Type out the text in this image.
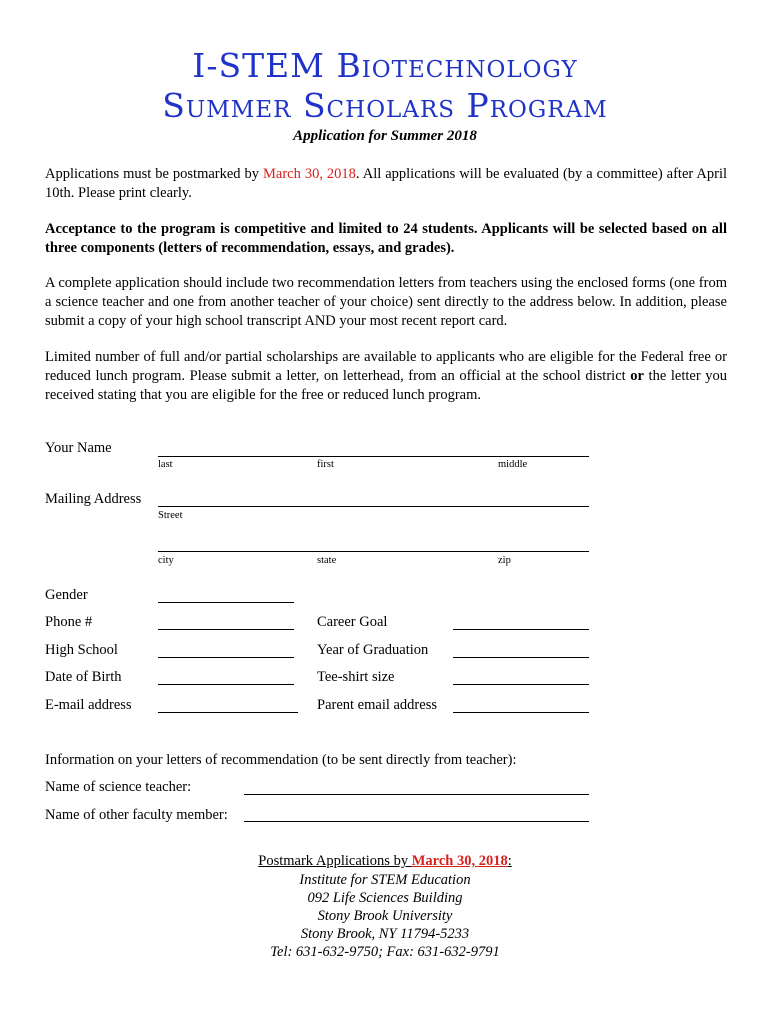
I-STEM Biotechnology
Summer Scholars Program
Application for Summer 2018
Applications must be postmarked by March 30, 2018. All applications will be evaluated (by a committee) after April 10th. Please print clearly.
Acceptance to the program is competitive and limited to 24 students. Applicants will be selected based on all three components (letters of recommendation, essays, and grades).
A complete application should include two recommendation letters from teachers using the enclosed forms (one from a science teacher and one from another teacher of your choice) sent directly to the address below. In addition, please submit a copy of your high school transcript AND your most recent report card.
Limited number of full and/or partial scholarships are available to applicants who are eligible for the Federal free or reduced lunch program. Please submit a letter, on letterhead, from an official at the school district or the letter you received stating that you are eligible for the free or reduced lunch program.
Your Name
last	first	middle
Mailing Address
Street
city	state	zip
Gender
Phone #	Career Goal
High School	Year of Graduation
Date of Birth	Tee-shirt size
E-mail address	Parent email address
Information on your letters of recommendation (to be sent directly from teacher):
Name of science teacher:
Name of other faculty member:
Postmark Applications by March 30, 2018:
Institute for STEM Education
092 Life Sciences Building
Stony Brook University
Stony Brook, NY 11794-5233
Tel: 631-632-9750; Fax: 631-632-9791
